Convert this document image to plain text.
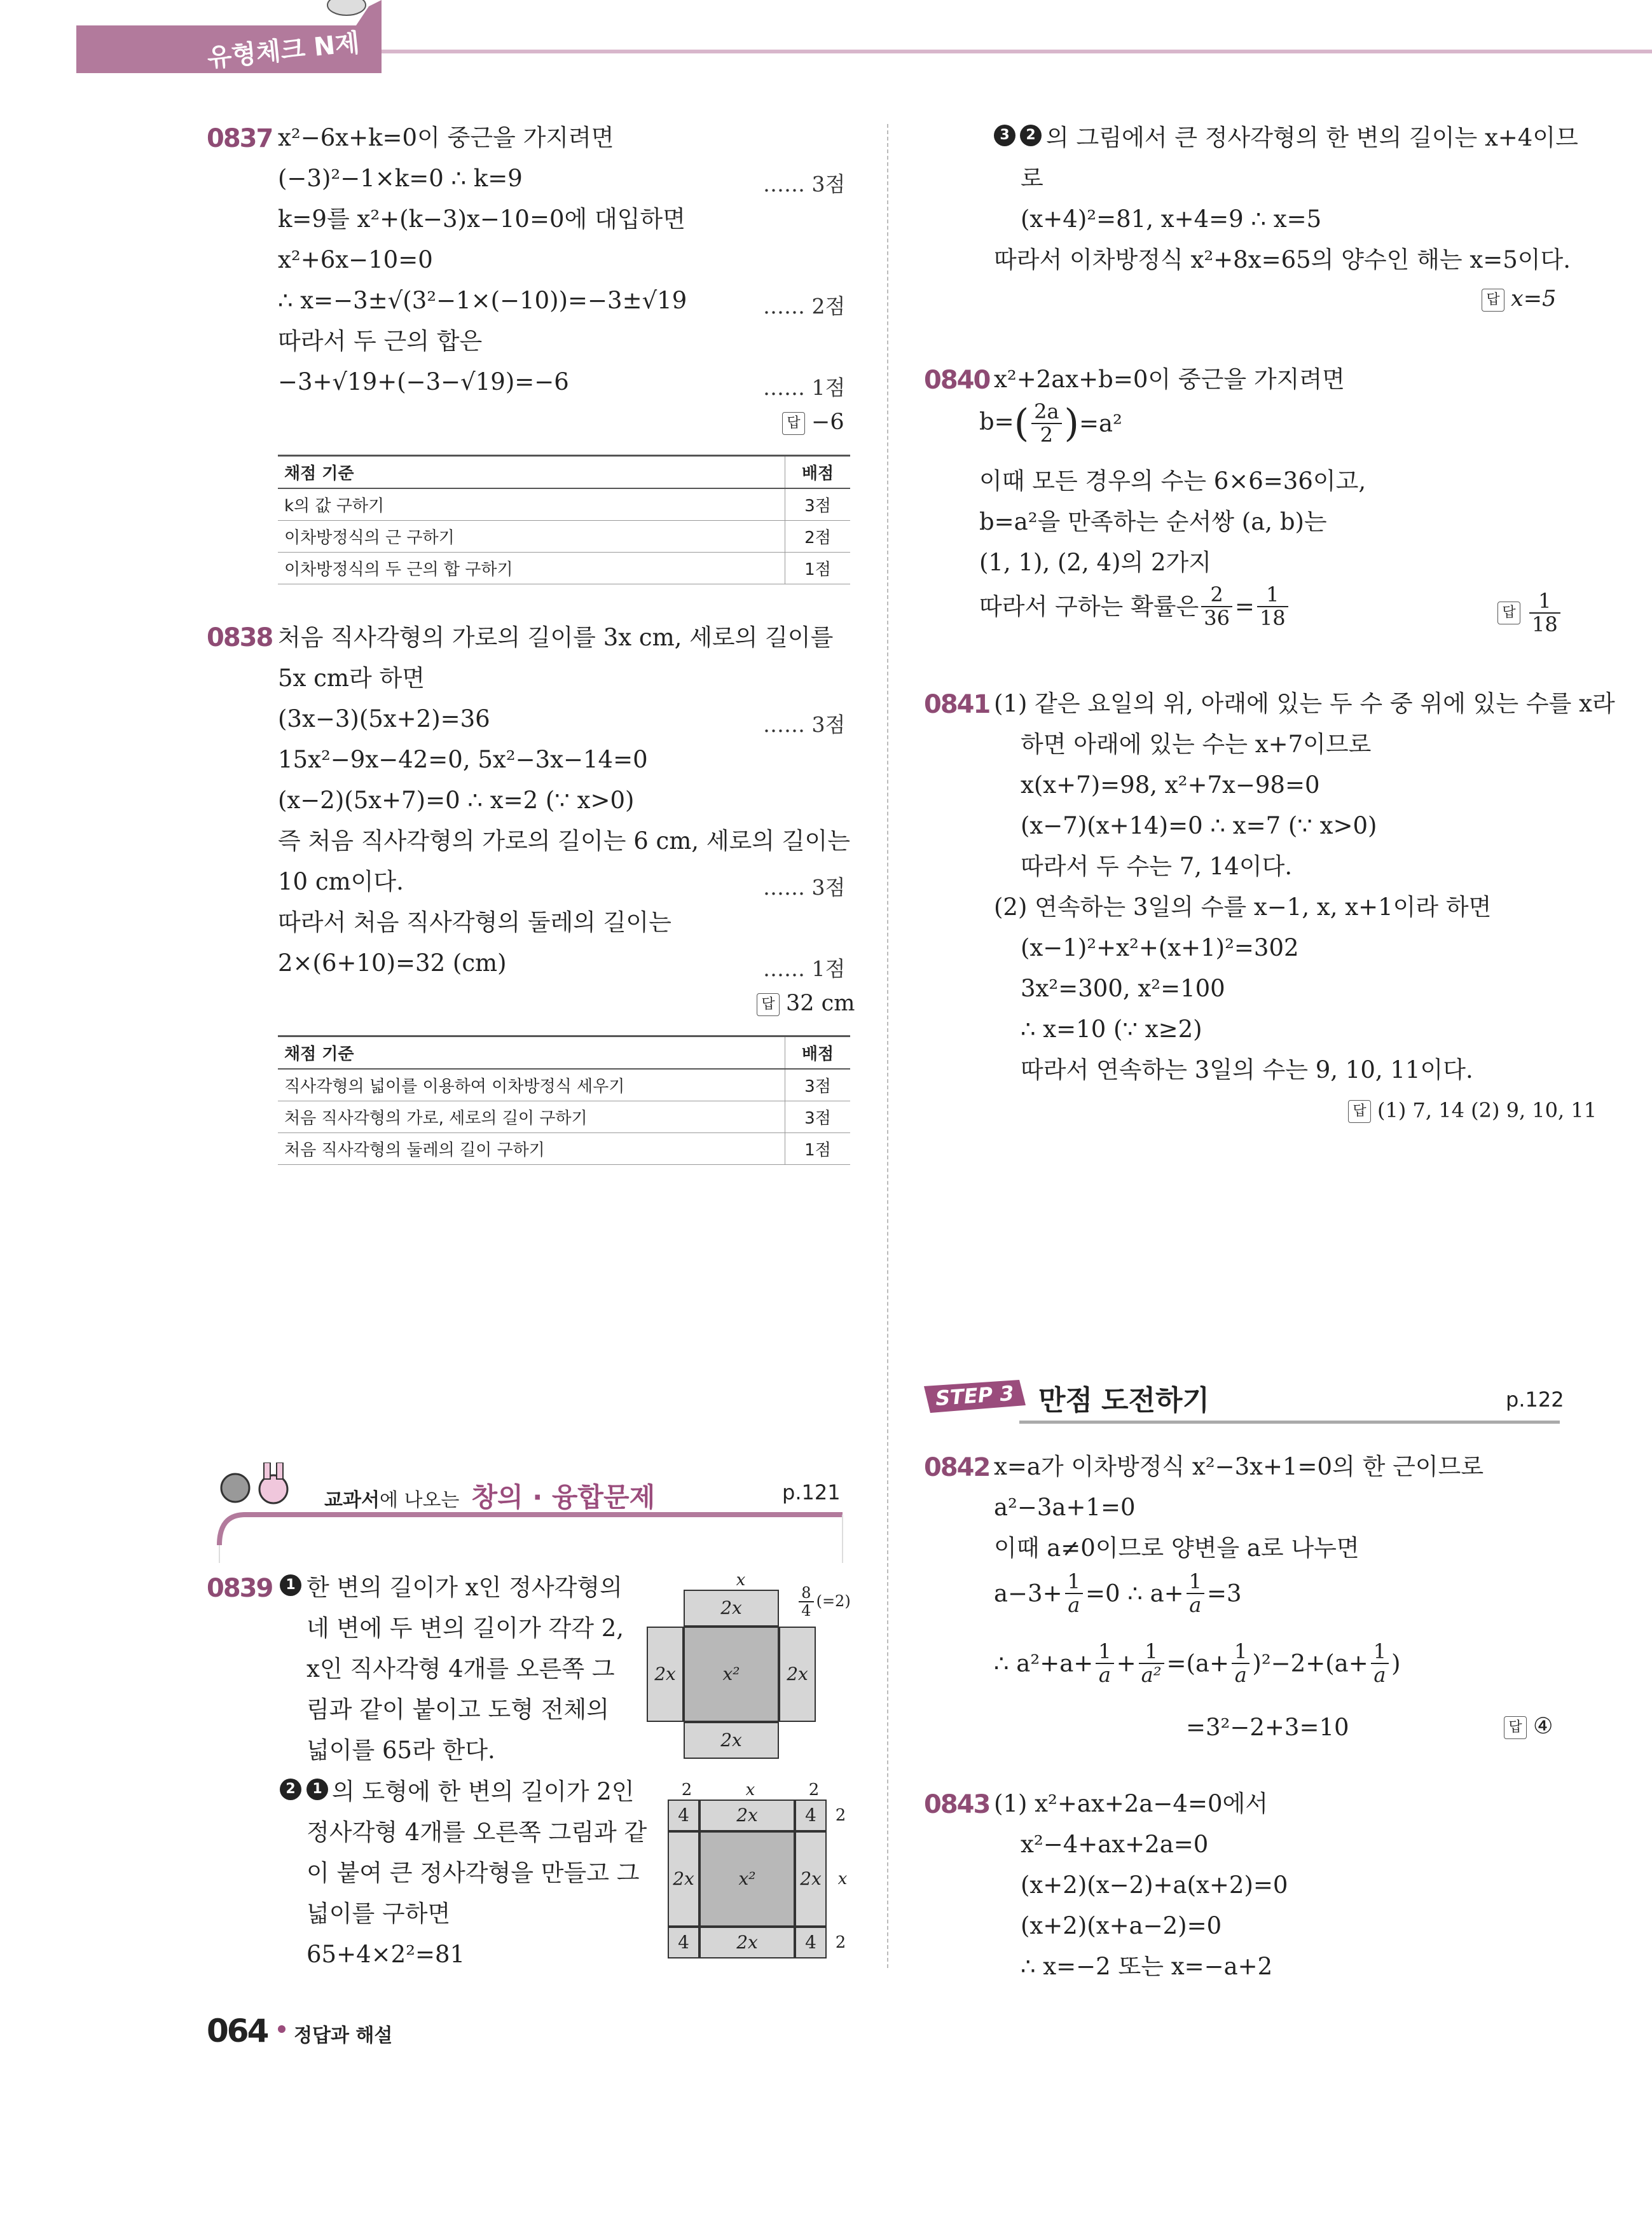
유형체크 N제
0837 x²−6x+k=0이 중근을 가지려면
(−3)²−1×k=0 ∴ k=9	…… 3점
k=9를 x²+(k−3)x−10=0에 대입하면
x²+6x−10=0
∴ x=−3±√(3²−1×(−10))=−3±√19	…… 2점
따라서 두 근의 합은
−3+√19+(−3−√19)=−6	…… 1점
답 −6
채점 기준	배점
k의 값 구하기	3점
이차방정식의 근 구하기	2점
이차방정식의 두 근의 합 구하기	1점
0838 처음 직사각형의 가로의 길이를 3x cm, 세로의 길이를
5x cm라 하면
(3x−3)(5x+2)=36	…… 3점
15x²−9x−42=0, 5x²−3x−14=0
(x−2)(5x+7)=0 ∴ x=2 (∵ x>0)
즉 처음 직사각형의 가로의 길이는 6 cm, 세로의 길이는
10 cm이다.	…… 3점
따라서 처음 직사각형의 둘레의 길이는
2×(6+10)=32 (cm)	…… 1점
답 32 cm
채점 기준	배점
직사각형의 넓이를 이용하여 이차방정식 세우기	3점
처음 직사각형의 가로, 세로의 길이 구하기	3점
처음 직사각형의 둘레의 길이 구하기	1점
교과서에 나오는 창의 · 융합문제	p.121
0839 1 한 변의 길이가 x인 정사각형의
네 변에 두 변의 길이가 각각 2,
x인 직사각형 4개를 오른쪽 그
림과 같이 붙이고 도형 전체의
넓이를 65라 한다.
2	1 의 도형에 한 변의 길이가 2인
정사각형 4개를 오른쪽 그림과 같
이 붙여 큰 정사각형을 만들고 그
넓이를 구하면
65+4×2²=81
x
2x	$\frac{8}{4} (=2)$
2x	x²	2x
2x
2	x	2
4	2x	4
2x	x²	2x
4	2x	4
2
x
2
064 정답과 해설
3	2 의 그림에서 큰 정사각형의 한 변의 길이는 x+4이므
로
(x+4)²=81, x+4=9 ∴ x=5
따라서 이차방정식 x²+8x=65의 양수인 해는 x=5이다.
답 x=5
0840 x²+2ax+b=0이 중근을 가지려면
$b=( \frac{2a}{2} )=a^2$
이때 모든 경우의 수는 6×6=36이고,
b=a²을 만족하는 순서쌍 (a, b)는
(1, 1), (2, 4)의 2가지
따라서 구하는 확률은 $\frac{2}{36} = \frac{1}{18}$	답 $\frac{1}{18}$
0841 (1) 같은 요일의 위, 아래에 있는 두 수 중 위에 있는 수를 x라
하면 아래에 있는 수는 x+7이므로
x(x+7)=98, x²+7x−98=0
(x−7)(x+14)=0 ∴ x=7 (∵ x>0)
따라서 두 수는 7, 14이다.
(2) 연속하는 3일의 수를 x−1, x, x+1이라 하면
(x−1)²+x²+(x+1)²=302
3x²=300, x²=100
∴ x=10 (∵ x≥2)
따라서 연속하는 3일의 수는 9, 10, 11이다.
답 (1) 7, 14 (2) 9, 10, 11
STEP 3 만점 도전하기	p.122
0842 x=a가 이차방정식 x²−3x+1=0의 한 근이므로
a²−3a+1=0
이때 a≠0이므로 양변을 a로 나누면
$a-3+ \frac{1}{a} =0$ ∴ $a+ \frac{1}{a} =3$
∴ $a^2+a+ \frac{1}{a} + \frac{1}{\text{a²}} =(a+ \frac{1}{a} )^2-2+(a+ \frac{1}{a}$ )
=3²−2+3=10	답 ④
0843 (1) x²+ax+2a−4=0에서
x²−4+ax+2a=0
(x+2)(x−2)+a(x+2)=0
(x+2)(x+a−2)=0
∴ x=−2 또는 x=−a+2
